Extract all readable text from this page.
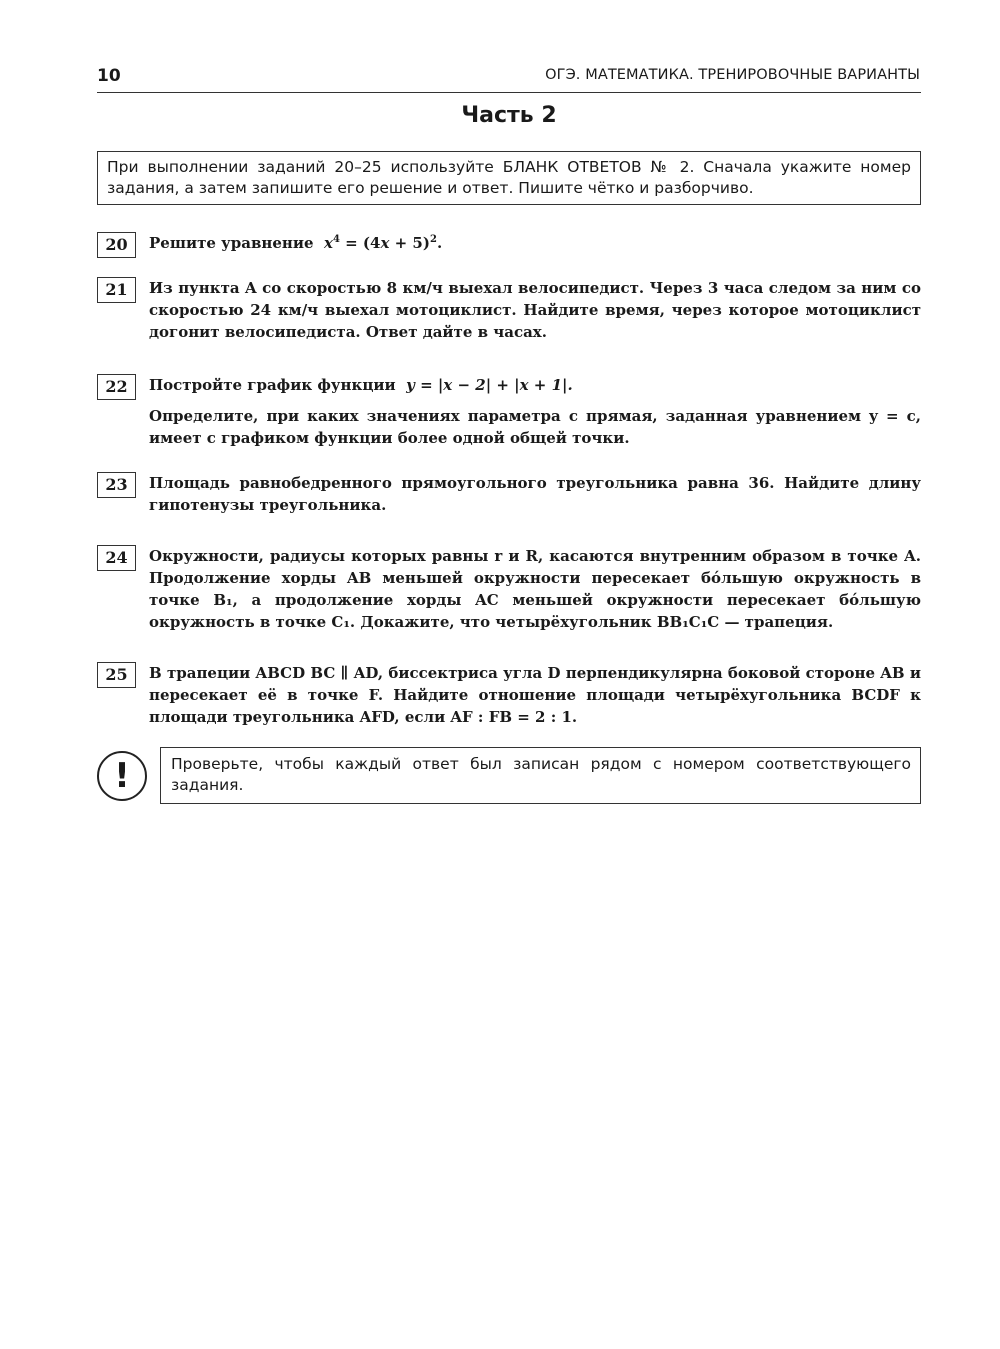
10	ОГЭ. МАТЕМАТИКА. ТРЕНИРОВОЧНЫЕ ВАРИАНТЫ
Часть 2
При выполнении заданий 20–25 используйте БЛАНК ОТВЕТОВ № 2. Сначала укажите номер задания, а затем запишите его решение и ответ. Пишите чётко и разборчиво.
20	Решите уравнение $x^4 = (4x + 5)^2$.

21	Из пункта A со скоростью 8 км/ч выехал велосипедист. Через 3 часа следом за ним со скоростью 24 км/ч выехал мотоциклист. Найдите время, через которое мотоциклист догонит велосипедиста. Ответ дайте в часах.

22	Постройте график функции y = |x − 2| + |x + 1|.

Определите, при каких значениях параметра c прямая, заданная уравнением y = c, имеет с графиком функции более одной общей точки.

23	Площадь равнобедренного прямоугольного треугольника равна 36. Найдите длину гипотенузы треугольника.

24	Окружности, радиусы которых равны r и R, касаются внутренним образом в точке A. Продолжение хорды AB меньшей окружности пересекает бóльшую окружность в точке B₁, а продолжение хорды AC меньшей окружности пересекает бóльшую окружность в точке C₁. Докажите, что четырёхугольник BB₁C₁C — трапеция.

25	В трапеции ABCD BC ∥ AD, биссектриса угла D перпендикулярна боковой стороне AB и пересекает её в точке F. Найдите отношение площади четырёхугольника BCDF к площади треугольника AFD, если AF : FB = 2 : 1.

!	Проверьте, чтобы каждый ответ был записан рядом с номером соответствующего задания.
